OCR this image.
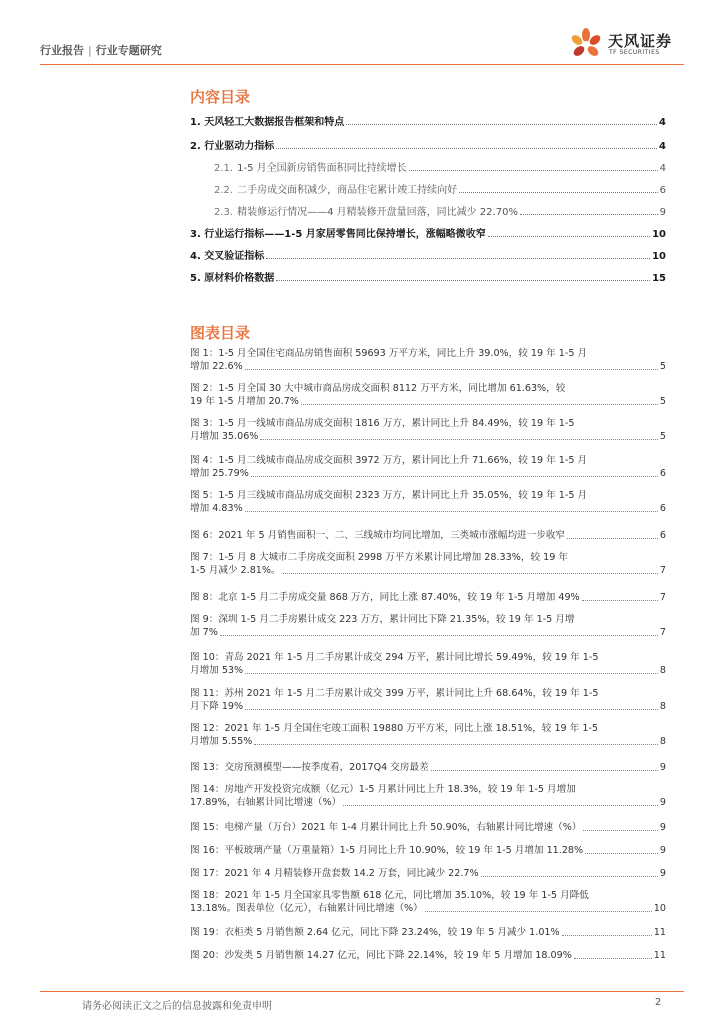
行业报告 | 行业专题研究
天风证券
TF SECURITIES
内容目录
1. 天风轻工大数据报告框架和特点	4
2. 行业驱动力指标	4
2.1. 1-5 月全国新房销售面积同比持续增长	4
2.2. 二手房成交面积减少，商品住宅累计竣工持续向好	6
2.3. 精装修运行情况——4 月精装修开盘量回落，同比减少 22.70%	9
3. 行业运行指标——1-5 月家居零售同比保持增长，涨幅略微收窄	10
4. 交叉验证指标	10
5. 原材料价格数据	15
图表目录
图 1：1-5 月全国住宅商品房销售面积 59693 万平方米，同比上升 39.0%，较 19 年 1-5 月
增加 22.6%	5
图 2：1-5 月全国 30 大中城市商品房成交面积 8112 万平方米，同比增加 61.63%，较
19 年 1-5 月增加 20.7%	5
图 3：1-5 月一线城市商品房成交面积 1816 万方，累计同比上升 84.49%，较 19 年 1-5
月增加 35.06%	5
图 4：1-5 月二线城市商品房成交面积 3972 万方，累计同比上升 71.66%，较 19 年 1-5 月
增加 25.79%	6
图 5：1-5 月三线城市商品房成交面积 2323 万方，累计同比上升 35.05%，较 19 年 1-5 月
增加 4.83%	6
图 6：2021 年 5 月销售面积一、二、三线城市均同比增加，三类城市涨幅均进一步收窄	6
图 7：1-5 月 8 大城市二手房成交面积 2998 万平方米累计同比增加 28.33%，较 19 年
1-5 月减少 2.81%。	7
图 8：北京 1-5 月二手房成交量 868 万方，同比上涨 87.40%，较 19 年 1-5 月增加 49%	7
图 9：深圳 1-5 月二手房累计成交 223 万方，累计同比下降 21.35%，较 19 年 1-5 月增
加 7%	7
图 10：青岛 2021 年 1-5 月二手房累计成交 294 万平，累计同比增长 59.49%，较 19 年 1-5
月增加 53%	8
图 11：苏州 2021 年 1-5 月二手房累计成交 399 万平，累计同比上升 68.64%，较 19 年 1-5
月下降 19%	8
图 12：2021 年 1-5 月全国住宅竣工面积 19880 万平方米，同比上涨 18.51%，较 19 年 1-5
月增加 5.55%	8
图 13：交房预测模型——按季度看，2017Q4 交房最差	9
图 14：房地产开发投资完成额（亿元）1-5 月累计同比上升 18.3%，较 19 年 1-5 月增加
17.89%，右轴累计同比增速（%）	9
图 15：电梯产量（万台）2021 年 1-4 月累计同比上升 50.90%，右轴累计同比增速（%）	9
图 16：平板玻璃产量（万重量箱）1-5 月同比上升 10.90%，较 19 年 1-5 月增加 11.28%	9
图 17：2021 年 4 月精装修开盘套数 14.2 万套，同比减少 22.7%	9
图 18：2021 年 1-5 月全国家具零售额 618 亿元，同比增加 35.10%，较 19 年 1-5 月降低
13.18%。图表单位（亿元），右轴累计同比增速（%）	10
图 19：衣柜类 5 月销售额 2.64 亿元，同比下降 23.24%，较 19 年 5 月减少 1.01%	11
图 20：沙发类 5 月销售额 14.27 亿元，同比下降 22.14%，较 19 年 5 月增加 18.09%	11
请务必阅读正文之后的信息披露和免责申明	2
